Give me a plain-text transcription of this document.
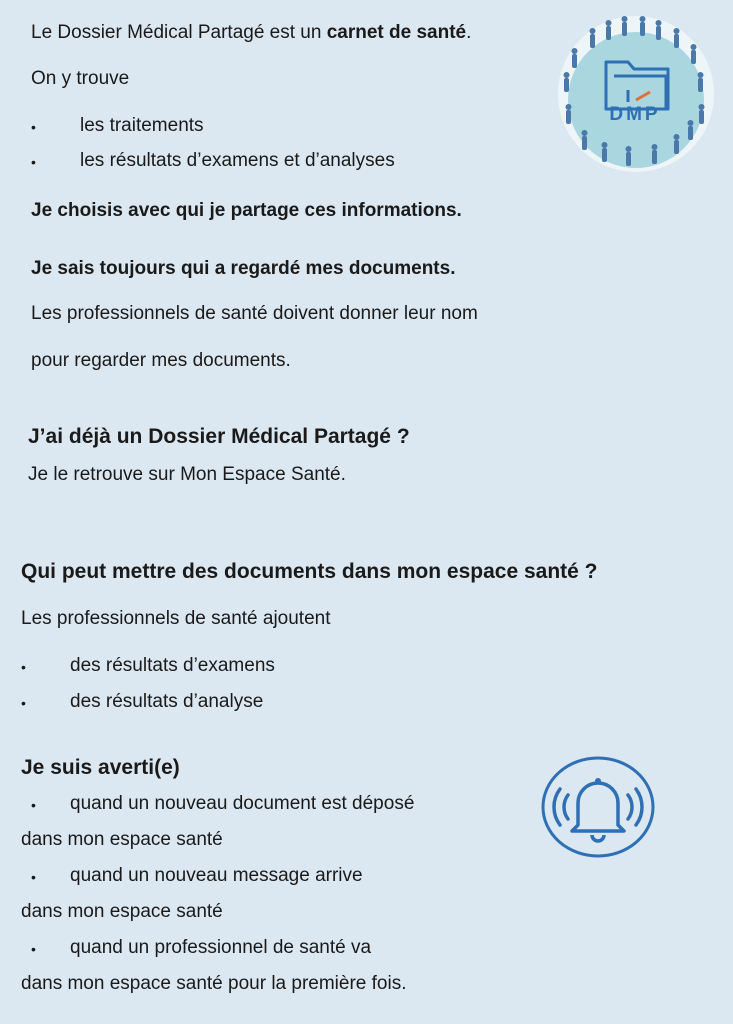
Le Dossier Médical Partagé est un carnet de santé.
On y trouve
• les traitements
• les résultats d’examens et d’analyses
Je choisis avec qui je partage ces informations.
Je sais toujours qui a regardé mes documents.
Les professionnels de santé doivent donner leur nom
pour regarder mes documents.
DMP
J’ai déjà un Dossier Médical Partagé ?
Je le retrouve sur Mon Espace Santé.
Qui peut mettre des documents dans mon espace santé ?
Les professionnels de santé ajoutent
• des résultats d’examens
• des résultats d’analyse
Je suis averti(e)
• quand un nouveau document est déposé
dans mon espace santé
• quand un nouveau message arrive
dans mon espace santé
• quand un professionnel de santé va
dans mon espace santé pour la première fois.
